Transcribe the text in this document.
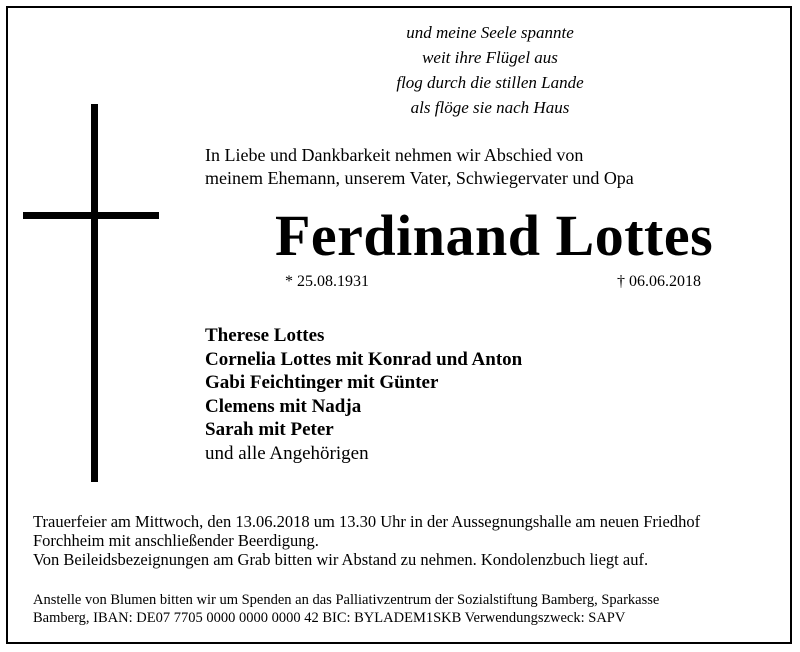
und meine Seele spannte
weit ihre Flügel aus
flog durch die stillen Lande
als flöge sie nach Haus
In Liebe und Dankbarkeit nehmen wir Abschied von
meinem Ehemann, unserem Vater, Schwiegervater und Opa
Ferdinand Lottes
* 25.08.1931	† 06.06.2018
Therese Lottes
Cornelia Lottes mit Konrad und Anton
Gabi Feichtinger mit Günter
Clemens mit Nadja
Sarah mit Peter
und alle Angehörigen
Trauerfeier am Mittwoch, den 13.06.2018 um 13.30 Uhr in der Aussegnungshalle am neuen Friedhof
Forchheim mit anschließender Beerdigung.
Von Beileidsbezeignungen am Grab bitten wir Abstand zu nehmen. Kondolenzbuch liegt auf.
Anstelle von Blumen bitten wir um Spenden an das Palliativzentrum der Sozialstiftung Bamberg, Sparkasse
Bamberg, IBAN: DE07 7705 0000 0000 0000 42 BIC: BYLADEM1SKB Verwendungszweck: SAPV
